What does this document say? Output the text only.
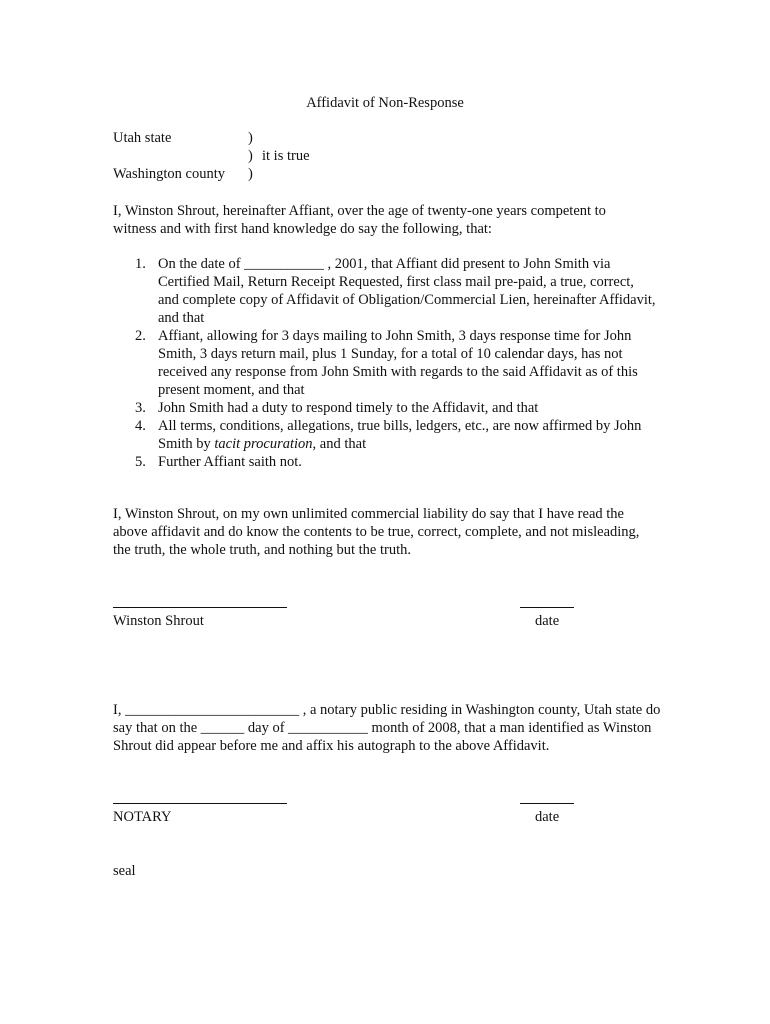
Affidavit of Non-Response
Utah state	)
) it is true
Washington county )
I, Winston Shrout, hereinafter Affiant, over the age of twenty-one years competent to witness and with first hand knowledge do say the following, that:
1. On the date of ___________ , 2001, that Affiant did present to John Smith via Certified Mail, Return Receipt Requested, first class mail pre-paid, a true, correct, and complete copy of Affidavit of Obligation/Commercial Lien, hereinafter Affidavit, and that
2. Affiant, allowing for 3 days mailing to John Smith, 3 days response time for John Smith, 3 days return mail, plus 1 Sunday, for a total of 10 calendar days, has not received any response from John Smith with regards to the said Affidavit as of this present moment, and that
3. John Smith had a duty to respond timely to the Affidavit, and that
4. All terms, conditions, allegations, true bills, ledgers, etc., are now affirmed by John Smith by tacit procuration, and that
5. Further Affiant saith not.
I, Winston Shrout, on my own unlimited commercial liability do say that I have read the above affidavit and do know the contents to be true, correct, complete, and not misleading, the truth, the whole truth, and nothing but the truth.
Winston Shrout	date
I, ________________________ , a notary public residing in Washington county, Utah state do say that on the ______ day of ___________ month of 2008, that a man identified as Winston Shrout did appear before me and affix his autograph to the above Affidavit.
NOTARY	date
seal
